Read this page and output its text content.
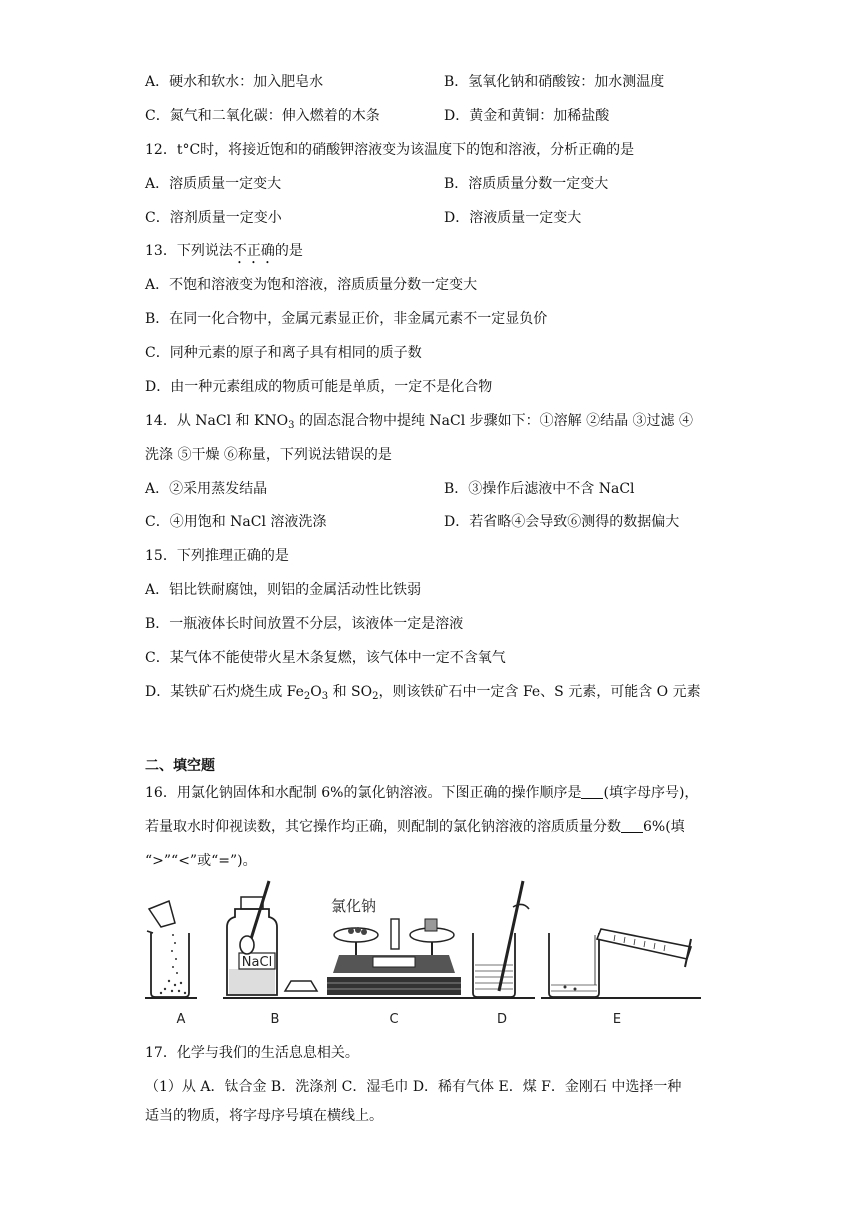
A．硬水和软水：加入肥皂水	B．氢氧化钠和硝酸铵：加水测温度
C．氮气和二氧化碳：伸入燃着的木条	D．黄金和黄铜：加稀盐酸
12．t°C时，将接近饱和的硝酸钾溶液变为该温度下的饱和溶液，分析正确的是
A．溶质质量一定变大	B．溶质质量分数一定变大
C．溶剂质量一定变小	D．溶液质量一定变大
13．下列说法不正确的是
A．不饱和溶液变为饱和溶液，溶质质量分数一定变大
B．在同一化合物中，金属元素显正价，非金属元素不一定显负价
C．同种元素的原子和离子具有相同的质子数
D．由一种元素组成的物质可能是单质，一定不是化合物
14．从 NaCl 和 $KNO_3$ 的固态混合物中提纯 NaCl 步骤如下：①溶解 ②结晶 ③过滤 ④
洗涤 ⑤干燥 ⑥称量，下列说法错误的是
A．②采用蒸发结晶	B．③操作后滤液中不含 NaCl
C．④用饱和 NaCl 溶液洗涤	D．若省略④会导致⑥测得的数据偏大
15．下列推理正确的是
A．铝比铁耐腐蚀，则铝的金属活动性比铁弱
B．一瓶液体长时间放置不分层，该液体一定是溶液
C．某气体不能使带火星木条复燃，该气体中一定不含氧气
D．某铁矿石灼烧生成 $Fe_2O_3$ 和 $SO_2$，则该铁矿石中一定含 Fe、S 元素，可能含 O 元素
二、填空题
16．用氯化钠固体和水配制 6%的氯化钠溶液。下图正确的操作顺序是 (填字母序号)，
若量取水时仰视读数，其它操作均正确，则配制的氯化钠溶液的溶质质量分数 6%(填
“>”“<”或“=”)。
NaCl
氯化钠
A	B	C	D	E
17．化学与我们的生活息息相关。
（1）从 A．钛合金 B．洗涤剂 C．湿毛巾 D．稀有气体 E．煤 F．金刚石 中选择一种
适当的物质，将字母序号填在横线上。
